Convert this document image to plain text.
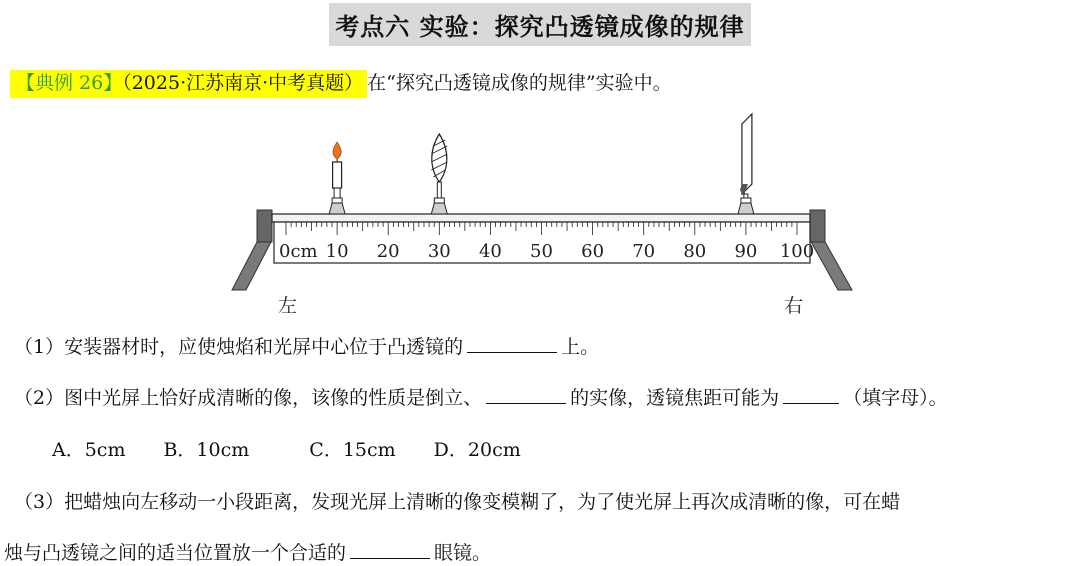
考点六 实验：探究凸透镜成像的规律
【典例 26】（2025·江苏南京·中考真题） 在“探究凸透镜成像的规律”实验中。
0cm 10 20 30 40 50 60 70 80 90 100
左	右
（1）安装器材时，应使烛焰和光屏中心位于凸透镜的	上。
（2）图中光屏上恰好成清晰的像，该像的性质是倒立、	的实像，透镜焦距可能为	（填字母）。
A．5cm B．10cm	C．15cm D．20cm
（3）把蜡烛向左移动一小段距离，发现光屏上清晰的像变模糊了，为了使光屏上再次成清晰的像，可在蜡
烛与凸透镜之间的适当位置放一个合适的	眼镜。
